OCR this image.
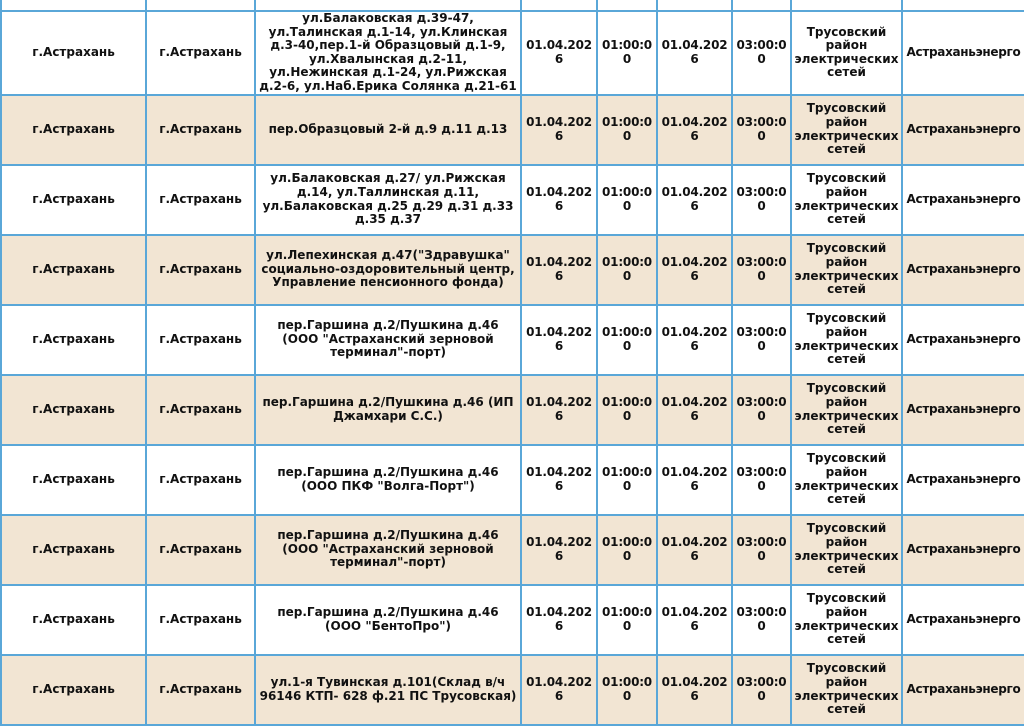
г.Астрахань	г.Астрахань	ул.Балаковская д.39-47, ул.Талинская д.1-14, ул.Клинская д.3-40,пер.1-й Образцовый д.1-9, ул.Хвалынская д.2-11, ул.Нежинская д.1-24, ул.Рижская д.2-6, ул.Наб.Ерика Солянка д.21-61	01.04.2026	01:00:00	01.04.2026	03:00:00	Трусовский район электрических сетей	Астраханьэнерго
г.Астрахань	г.Астрахань	пер.Образцовый 2-й д.9 д.11 д.13	01.04.2026	01:00:00	01.04.2026	03:00:00	Трусовский район электрических сетей	Астраханьэнерго
г.Астрахань	г.Астрахань	ул.Балаковская д.27/ ул.Рижская д.14, ул.Таллинская д.11, ул.Балаковская д.25 д.29 д.31 д.33 д.35 д.37	01.04.2026	01:00:00	01.04.2026	03:00:00	Трусовский район электрических сетей	Астраханьэнерго
г.Астрахань	г.Астрахань	ул.Лепехинская д.47("Здравушка" социально-оздоровительный центр, Управление пенсионного фонда)	01.04.2026	01:00:00	01.04.2026	03:00:00	Трусовский район электрических сетей	Астраханьэнерго
г.Астрахань	г.Астрахань	пер.Гаршина д.2/Пушкина д.46 (ООО "Астраханский зерновой терминал"-порт)	01.04.2026	01:00:00	01.04.2026	03:00:00	Трусовский район электрических сетей	Астраханьэнерго
г.Астрахань	г.Астрахань	пер.Гаршина д.2/Пушкина д.46 (ИП Джамхари С.С.)	01.04.2026	01:00:00	01.04.2026	03:00:00	Трусовский район электрических сетей	Астраханьэнерго
г.Астрахань	г.Астрахань	пер.Гаршина д.2/Пушкина д.46 (ООО ПКФ "Волга-Порт")	01.04.2026	01:00:00	01.04.2026	03:00:00	Трусовский район электрических сетей	Астраханьэнерго
г.Астрахань	г.Астрахань	пер.Гаршина д.2/Пушкина д.46 (ООО "Астраханский зерновой терминал"-порт)	01.04.2026	01:00:00	01.04.2026	03:00:00	Трусовский район электрических сетей	Астраханьэнерго
г.Астрахань	г.Астрахань	пер.Гаршина д.2/Пушкина д.46 (ООО "БентоПро")	01.04.2026	01:00:00	01.04.2026	03:00:00	Трусовский район электрических сетей	Астраханьэнерго
г.Астрахань	г.Астрахань	ул.1-я Тувинская д.101(Склад в/ч 96146 КТП- 628 ф.21 ПС Трусовская)	01.04.2026	01:00:00	01.04.2026	03:00:00	Трусовский район электрических сетей	Астраханьэнерго
